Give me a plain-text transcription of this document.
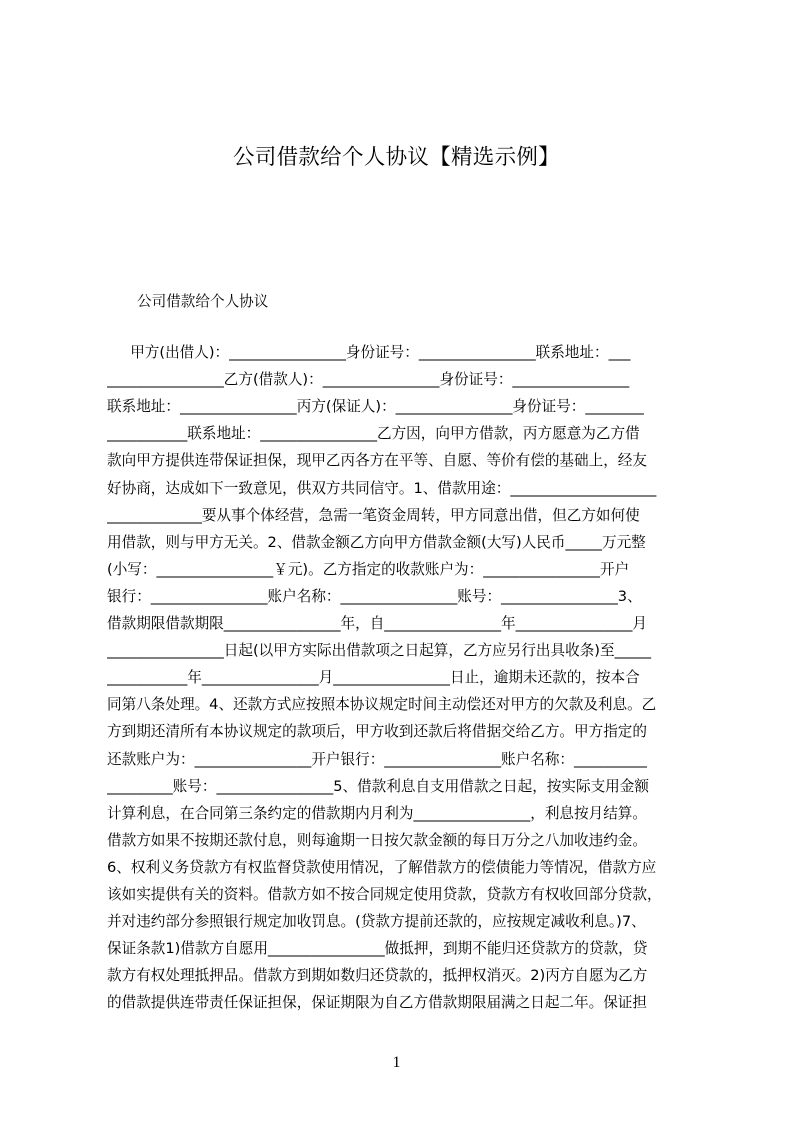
公司借款给个人协议【精选示例】
公司借款给个人协议
甲方(出借人)：________________身份证号：________________联系地址：___
________________乙方(借款人)：________________身份证号：________________
联系地址：________________丙方(保证人)：________________身份证号：________
___________联系地址：________________乙方因，向甲方借款，丙方愿意为乙方借
款向甲方提供连带保证担保，现甲乙丙各方在平等、自愿、等价有偿的基础上，经友
好协商，达成如下一致意见，供双方共同信守。1、借款用途：____________________
_____________要从事个体经营，急需一笔资金周转，甲方同意出借，但乙方如何使
用借款，则与甲方无关。2、借款金额乙方向甲方借款金额(大写)人民币_____万元整
(小写：________________￥元)。乙方指定的收款账户为：________________开户
银行：________________账户名称：________________账号：________________3、
借款期限借款期限________________年，自________________年________________月
________________日起(以甲方实际出借款项之日起算，乙方应另行出具收条)至_____
___________年________________月________________日止，逾期未还款的，按本合
同第八条处理。4、还款方式应按照本协议规定时间主动偿还对甲方的欠款及利息。乙
方到期还清所有本协议规定的款项后，甲方收到还款后将借据交给乙方。甲方指定的
还款账户为：________________开户银行：________________账户名称：__________
_________账号：________________5、借款利息自支用借款之日起，按实际支用金额
计算利息，在合同第三条约定的借款期内月利为________________，利息按月结算。
借款方如果不按期还款付息，则每逾期一日按欠款金额的每日万分之八加收违约金。
6、权利义务贷款方有权监督贷款使用情况，了解借款方的偿债能力等情况，借款方应
该如实提供有关的资料。借款方如不按合同规定使用贷款，贷款方有权收回部分贷款，
并对违约部分参照银行规定加收罚息。(贷款方提前还款的，应按规定减收利息。)7、
保证条款1)借款方自愿用________________做抵押，到期不能归还贷款方的贷款，贷
款方有权处理抵押品。借款方到期如数归还贷款的，抵押权消灭。2)丙方自愿为乙方
的借款提供连带责任保证担保，保证期限为自乙方借款期限届满之日起二年。保证担
1
